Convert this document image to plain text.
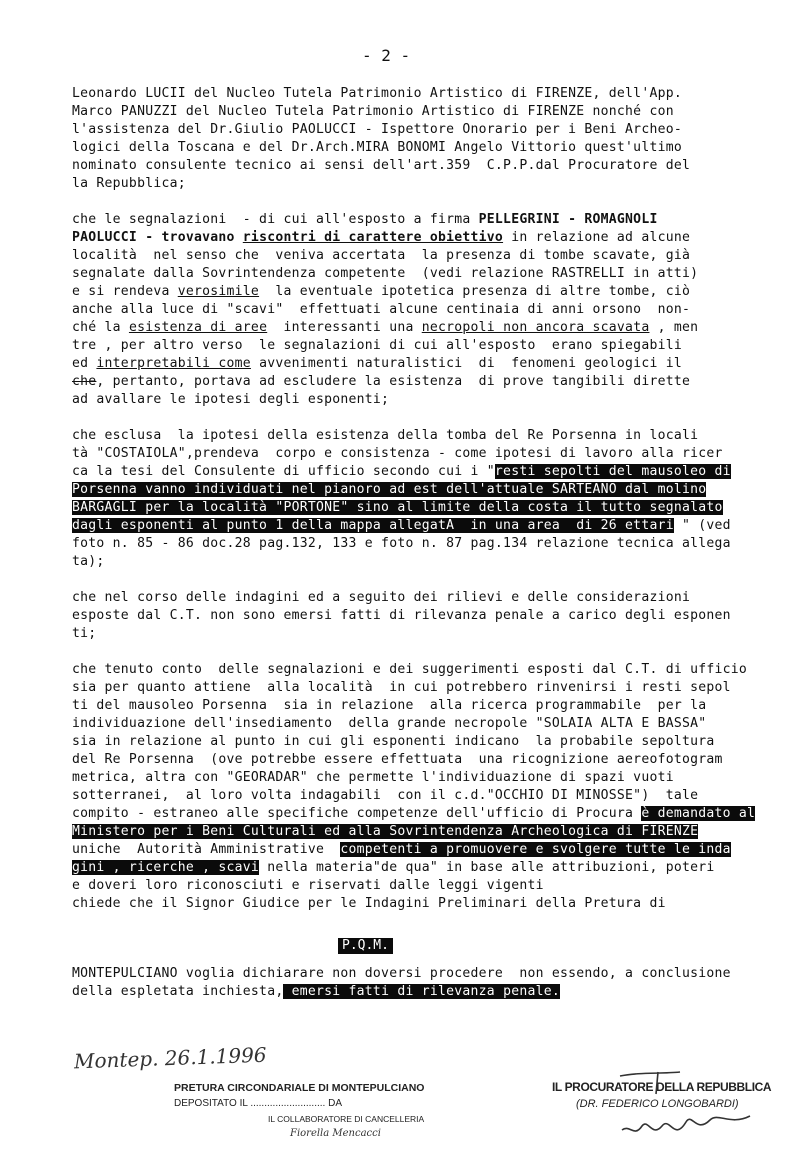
- 2 -
Leonardo LUCII del Nucleo Tutela Patrimonio Artistico di FIRENZE, dell'App.
Marco PANUZZI del Nucleo Tutela Patrimonio Artistico di FIRENZE nonché con
l'assistenza del Dr.Giulio PAOLUCCI - Ispettore Onorario per i Beni Archeo-
logici della Toscana e del Dr.Arch.MIRA BONOMI Angelo Vittorio quest'ultimo
nominato consulente tecnico ai sensi dell'art.359  C.P.P.dal Procuratore del
la Repubblica;
che le segnalazioni  - di cui all'esposto a firma PELLEGRINI - ROMAGNOLI
PAOLUCCI - trovavano riscontri di carattere obiettivo in relazione ad alcune
località  nel senso che  veniva accertata  la presenza di tombe scavate, già
segnalate dalla Sovrintendenza competente  (vedi relazione RASTRELLI in atti)
e si rendeva verosimile  la eventuale ipotetica presenza di altre tombe, ciò
anche alla luce di "scavi"  effettuati alcune centinaia di anni orsono  non-
ché la esistenza di aree  interessanti una necropoli non ancora scavata , men
tre , per altro verso  le segnalazioni di cui all'esposto  erano spiegabili
ed interpretabili come avvenimenti naturalistici  di  fenomeni geologici il
che, pertanto, portava ad escludere la esistenza  di prove tangibili dirette
ad avallare le ipotesi degli esponenti;
che esclusa  la ipotesi della esistenza della tomba del Re Porsenna in locali
tà "COSTAIOLA",prendeva  corpo e consistenza - come ipotesi di lavoro alla ricer
ca la tesi del Consulente di ufficio secondo cui i "resti sepolti del mausoleo di
Porsenna vanno individuati nel pianoro ad est dell'attuale SARTEANO dal molino
BARGAGLI per la località "PORTONE" sino al limite della costa il tutto segnalato
dagli esponenti al punto 1 della mappa allegatA  in una area  di 26 ettari " (ved
foto n. 85 - 86 doc.28 pag.132, 133 e foto n. 87 pag.134 relazione tecnica allega
ta);
che nel corso delle indagini ed a seguito dei rilievi e delle considerazioni
esposte dal C.T. non sono emersi fatti di rilevanza penale a carico degli esponen
ti;
che tenuto conto  delle segnalazioni e dei suggerimenti esposti dal C.T. di ufficio
sia per quanto attiene  alla località  in cui potrebbero rinvenirsi i resti sepol
ti del mausoleo Porsenna  sia in relazione  alla ricerca programmabile  per la
individuazione dell'insediamento  della grande necropole "SOLAIA ALTA E BASSA"
sia in relazione al punto in cui gli esponenti indicano  la probabile sepoltura
del Re Porsenna  (ove potrebbe essere effettuata  una ricognizione aereofotogram
metrica, altra con "GEORADAR" che permette l'individuazione di spazi vuoti
sotterranei,  al loro volta indagabili  con il c.d."OCCHIO DI MINOSSE")  tale
compito - estraneo alle specifiche competenze dell'ufficio di Procura è demandato al
Ministero per i Beni Culturali ed alla Sovrintendenza Archeologica di FIRENZE
uniche  Autorità Amministrative  competenti a promuovere e svolgere tutte le inda
gini , ricerche , scavi nella materia"de qua" in base alle attribuzioni, poteri
e doveri loro riconosciuti e riservati dalle leggi vigenti
chiede che il Signor Giudice per le Indagini Preliminari della Pretura di
MONTEPULCIANO voglia dichiarare non doversi procedere  non essendo, a conclusione
della espletata inchiesta, emersi fatti di rilevanza penale.
P.Q.M.
Montep. 26.1.1996
PRETURA CIRCONDARIALE DI MONTEPULCIANO
DEPOSITATO IL ........................... DA
IL COLLABORATORE DI CANCELLERIA
Fiorella Mencacci
IL PROCURATORE DELLA REPUBBLICA
(DR. FEDERICO LONGOBARDI)
